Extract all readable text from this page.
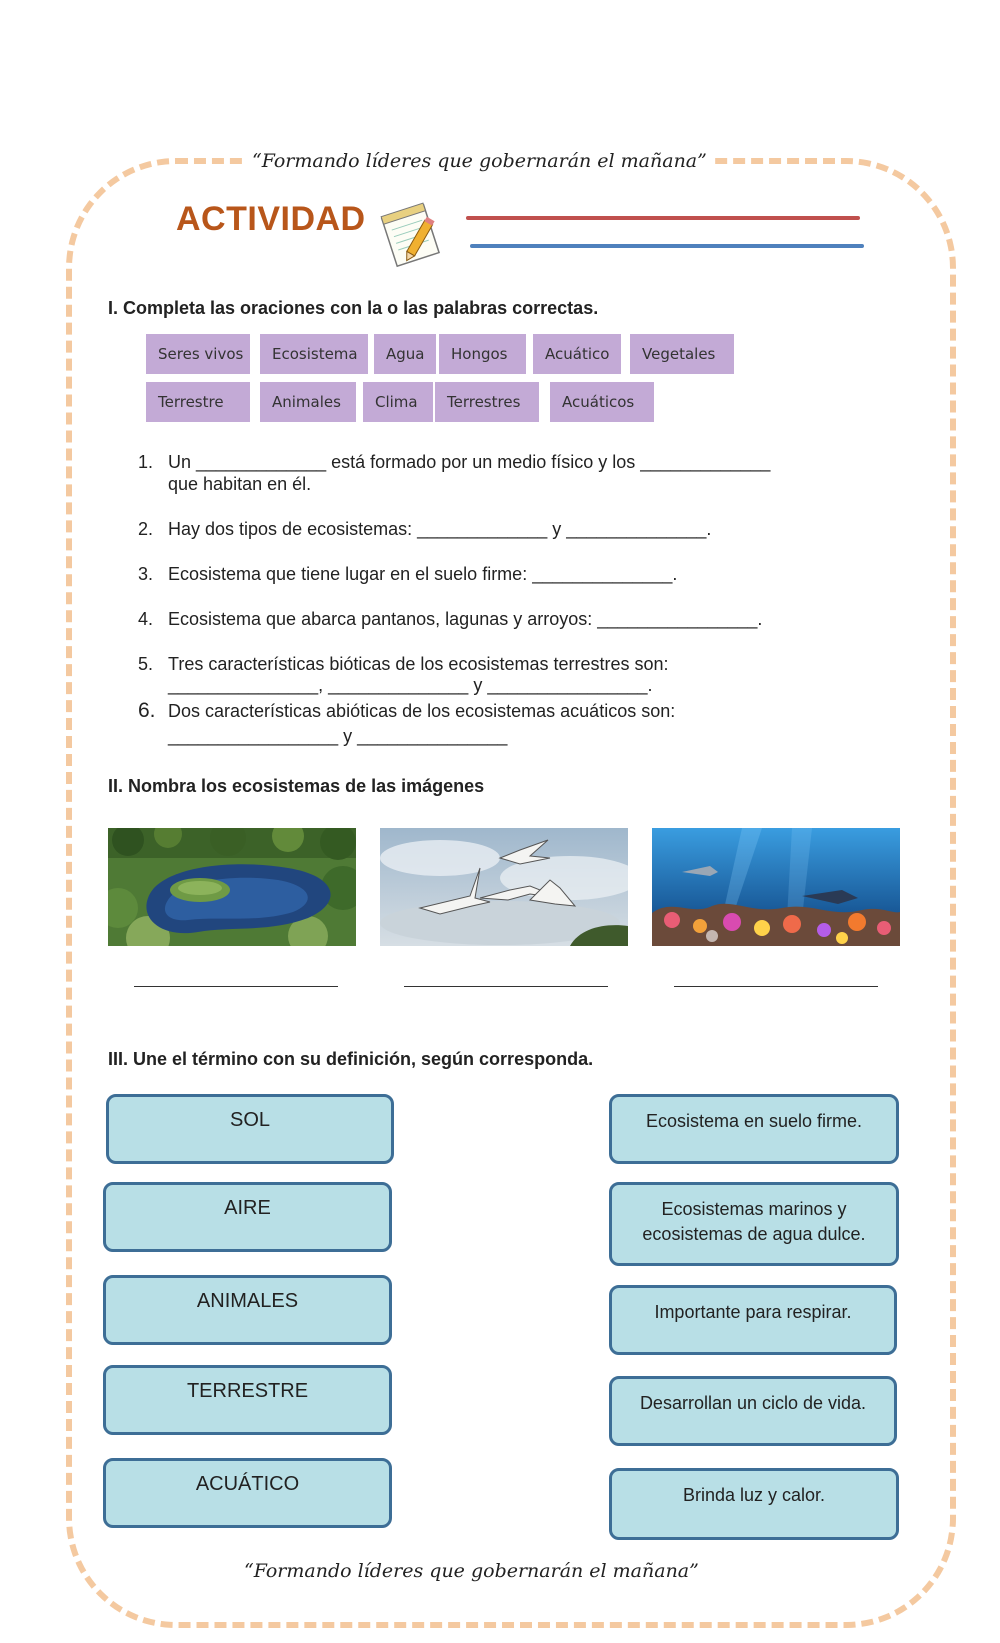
“Formando líderes que gobernarán el mañana”
ACTIVIDAD
I. Completa las oraciones con la o las palabras correctas.
Seres vivos	Ecosistema	Agua	Hongos	Acuático	Vegetales
Terrestre	Animales	Clima	Terrestres	Acuáticos
1. Un _____________ está formado por un medio físico y los _____________
que habitan en él.
2. Hay dos tipos de ecosistemas: _____________ y ______________.
3. Ecosistema que tiene lugar en el suelo firme: ______________.
4. Ecosistema que abarca pantanos, lagunas y arroyos: ________________.
5. Tres características bióticas de los ecosistemas terrestres son:
_______________, ______________ y ________________.
6. Dos características abióticas de los ecosistemas acuáticos son:
_________________ y _______________
II. Nombra los ecosistemas de las imágenes
III. Une el término con su definición, según corresponda.
SOL
AIRE
ANIMALES
TERRESTRE
ACUÁTICO
Ecosistema en suelo firme.
Ecosistemas marinos y ecosistemas de agua dulce.
Importante para respirar.
Desarrollan un ciclo de vida.
Brinda luz y calor.
“Formando líderes que gobernarán el mañana”
